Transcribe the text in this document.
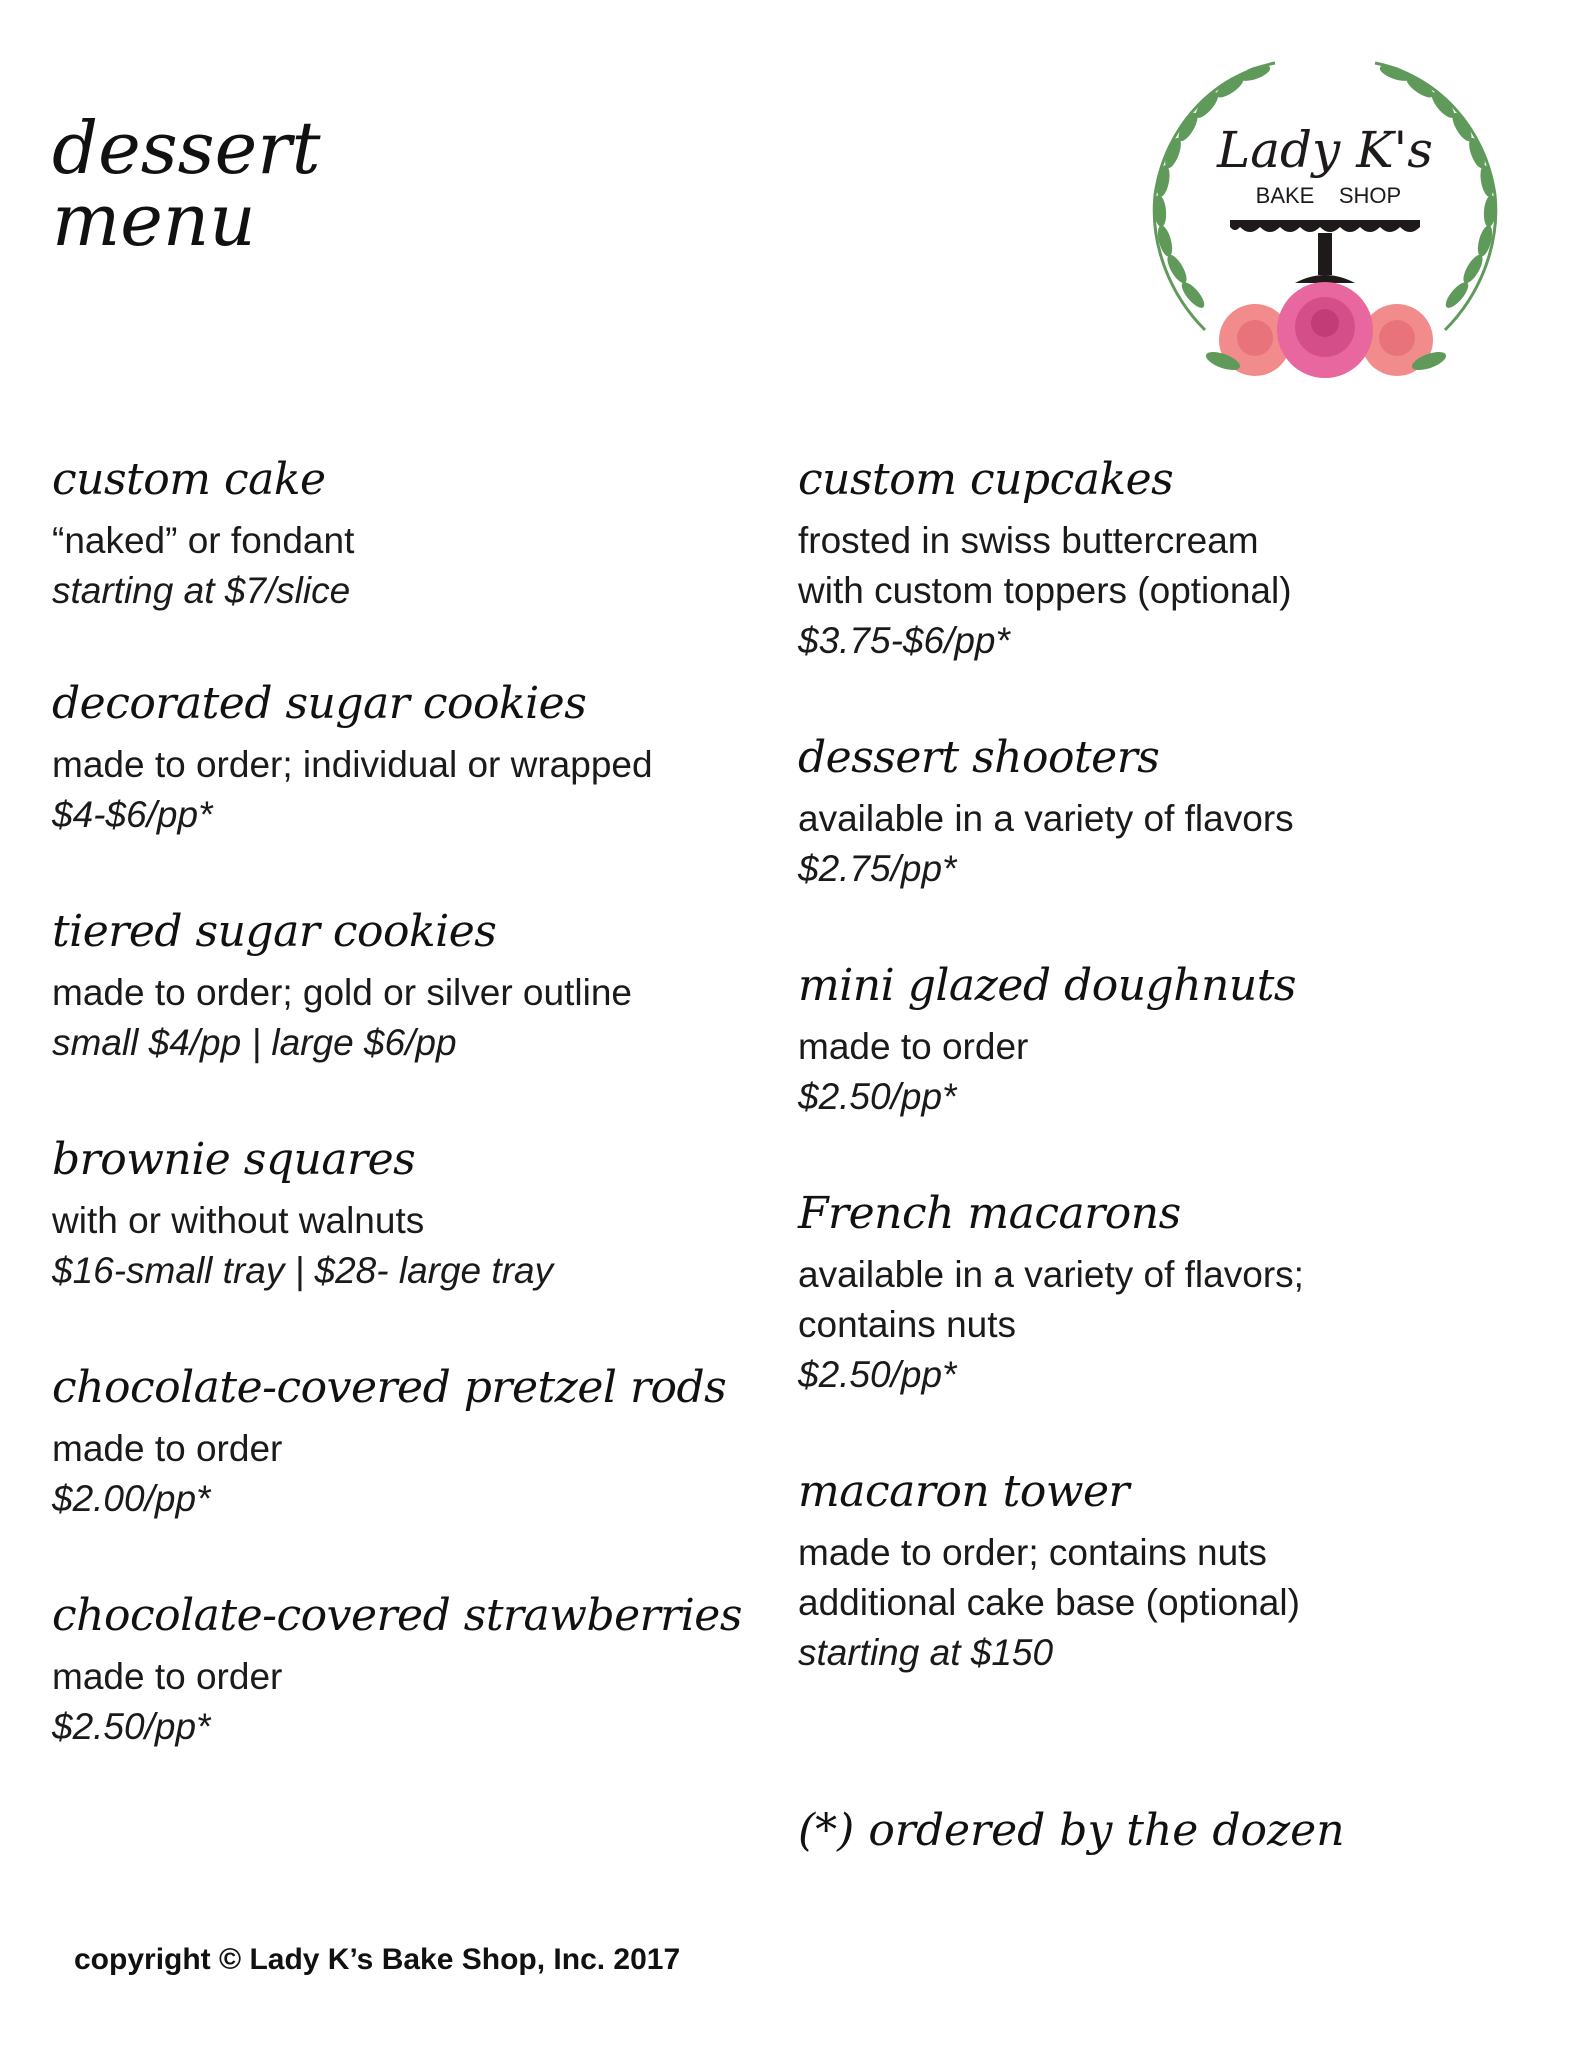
dessert
menu
Lady K's
BAKE SHOP
custom cake

“naked” or fondant

starting at $7/slice

decorated sugar cookies

made to order; individual or wrapped

$4-$6/pp*

tiered sugar cookies

made to order; gold or silver outline

small $4/pp | large $6/pp

brownie squares

with or without walnuts

$16-small tray | $28- large tray

chocolate-covered pretzel rods

made to order

$2.00/pp*

chocolate-covered strawberries

made to order

$2.50/pp*

custom cupcakes

frosted in swiss buttercream

with custom toppers (optional)

$3.75-$6/pp*

dessert shooters

available in a variety of flavors

$2.75/pp*

mini glazed doughnuts

made to order

$2.50/pp*

French macarons

available in a variety of flavors;

contains nuts

$2.50/pp*

macaron tower

made to order; contains nuts

additional cake base (optional)

starting at $150

(*) ordered by the dozen
copyright © Lady K’s Bake Shop, Inc. 2017
